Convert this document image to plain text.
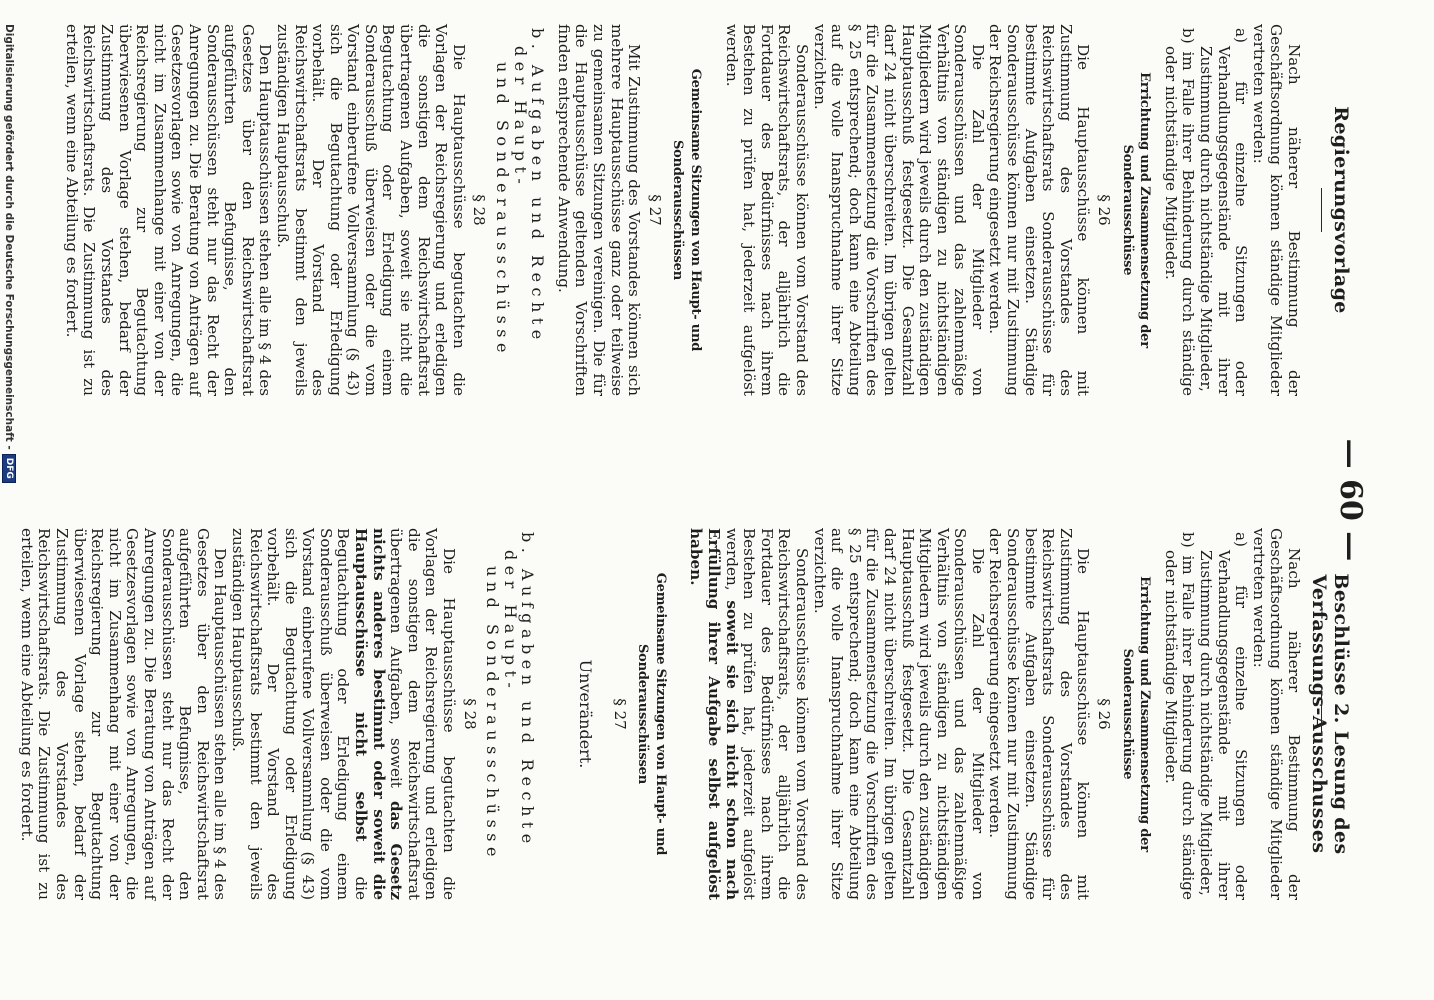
— 60 —
Regierungsvorlage

Nach näherer Bestimmung der Geschäftsordnung können ständige Mitglieder vertreten werden:

a) für einzelne Sitzungen oder Verhandlungsgegenstände mit ihrer Zustimmung durch nichtständige Mitglieder,

b) im Falle ihrer Behinderung durch ständige oder nichtständige Mitglieder.

Errichtung und Zusammensetzung der Sonderausschüsse
§ 26

Die Hauptausschüsse können mit Zustimmung des Vorstandes des Reichswirtschaftsrats Sonderausschüsse für bestimmte Aufgaben einsetzen. Ständige Sonderausschüsse können nur mit Zustimmung der Reichsregierung eingesetzt werden.

Die Zahl der Mitglieder von Sonderausschüssen und das zahlenmäßige Verhältnis von ständigen zu nichtständigen Mitgliedern wird jeweils durch den zuständigen Hauptausschuß festgesetzt. Die Gesamtzahl darf 24 nicht überschreiten. Im übrigen gelten für die Zusammensetzung die Vorschriften des § 25 entsprechend; doch kann eine Abteilung auf die volle Inanspruchnahme ihrer Sitze verzichten.

Sonderausschüsse können vom Vorstand des Reichswirtschaftsrats, der alljährlich die Fortdauer des Bedürfnisses nach ihrem Bestehen zu prüfen hat, jederzeit aufgelöst werden.

Gemeinsame Sitzungen von Haupt- und Sonderausschüssen
§ 27

Mit Zustimmung des Vorstandes können sich mehrere Hauptausschüsse ganz oder teilweise zu gemeinsamen Sitzungen vereinigen. Die für die Hauptausschüsse geltenden Vorschriften finden entsprechende Anwendung.

b. Aufgaben und Rechte der Haupt-
und Sonderausschüsse
§ 28

Die Hauptausschüsse begutachten die Vorlagen der Reichsregierung und erledigen die sonstigen dem Reichswirtschaftsrat übertragenen Aufgaben, soweit sie nicht die Begutachtung oder Erledigung einem Sonderausschuß überweisen oder die vom Vorstand einberufene Vollversammlung (§ 43) sich die Begutachtung oder Erledigung vorbehält. Der Vorstand des Reichswirtschaftsrats bestimmt den jeweils zuständigen Hauptausschuß.

Den Hauptausschüssen stehen alle im § 4 des Gesetzes über den Reichswirtschaftsrat aufgeführten Befugnisse, den Sonderausschüssen steht nur das Recht der Anregungen zu. Die Beratung von Anträgen auf Gesetzesvorlagen sowie von Anregungen, die nicht im Zusammenhange mit einer von der Reichsregierung zur Begutachtung überwiesenen Vorlage stehen, bedarf der Zustimmung des Vorstandes des Reichswirtschaftsrats. Die Zustimmung ist zu erteilen, wenn eine Abteilung es fordert.

Beschlüsse 2. Lesung des Verfassungs-Ausschusses

Nach näherer Bestimmung der Geschäftsordnung können ständige Mitglieder vertreten werden:

a) für einzelne Sitzungen oder Verhandlungsgegenstände mit ihrer Zustimmung durch nichtständige Mitglieder,

b) im Falle ihrer Behinderung durch ständige oder nichtständige Mitglieder.

Errichtung und Zusammensetzung der Sonderausschüsse
§ 26

Die Hauptausschüsse können mit Zustimmung des Vorstandes des Reichswirtschaftsrats Sonderausschüsse für bestimmte Aufgaben einsetzen. Ständige Sonderausschüsse können nur mit Zustimmung der Reichsregierung eingesetzt werden.

Die Zahl der Mitglieder von Sonderausschüssen und das zahlenmäßige Verhältnis von ständigen zu nichtständigen Mitgliedern wird jeweils durch den zuständigen Hauptausschuß festgesetzt. Die Gesamtzahl darf 24 nicht überschreiten. Im übrigen gelten für die Zusammensetzung die Vorschriften des § 25 entsprechend; doch kann eine Abteilung auf die volle Inanspruchnahme ihrer Sitze verzichten.

Sonderausschüsse können vom Vorstand des Reichswirtschaftsrats, der alljährlich die Fortdauer des Bedürfnisses nach ihrem Bestehen zu prüfen hat, jederzeit aufgelöst werden, soweit sie sich nicht schon nach Erfüllung ihrer Aufgabe selbst aufgelöst haben.

Gemeinsame Sitzungen von Haupt- und Sonderausschüssen
§ 27
Unverändert.
b. Aufgaben und Rechte der Haupt-
und Sonderausschüsse
§ 28

Die Hauptausschüsse begutachten die Vorlagen der Reichsregierung und erledigen die sonstigen dem Reichswirtschaftsrat übertragenen Aufgaben, soweit das Gesetz nichts anderes bestimmt oder soweit die Hauptausschüsse nicht selbst die Begutachtung oder Erledigung einem Sonderausschuß überweisen oder die vom Vorstand einberufene Vollversammlung (§ 43) sich die Begutachtung oder Erledigung vorbehält. Der Vorstand des Reichswirtschaftsrats bestimmt den jeweils zuständigen Hauptausschuß.

Den Hauptausschüssen stehen alle im § 4 des Gesetzes über den Reichswirtschaftsrat aufgeführten Befugnisse, den Sonderausschüssen steht nur das Recht der Anregungen zu. Die Beratung von Anträgen auf Gesetzesvorlagen sowie von Anregungen, die nicht im Zusammenhang mit einer von der Reichsregierung zur Begutachtung überwiesenen Vorlage stehen, bedarf der Zustimmung des Vorstandes des Reichswirtschaftsrats. Die Zustimmung ist zu erteilen, wenn eine Abteilung es fordert.

Digitalisierung gefördert durch die Deutsche Forschungsgemeinschaft -DFG
